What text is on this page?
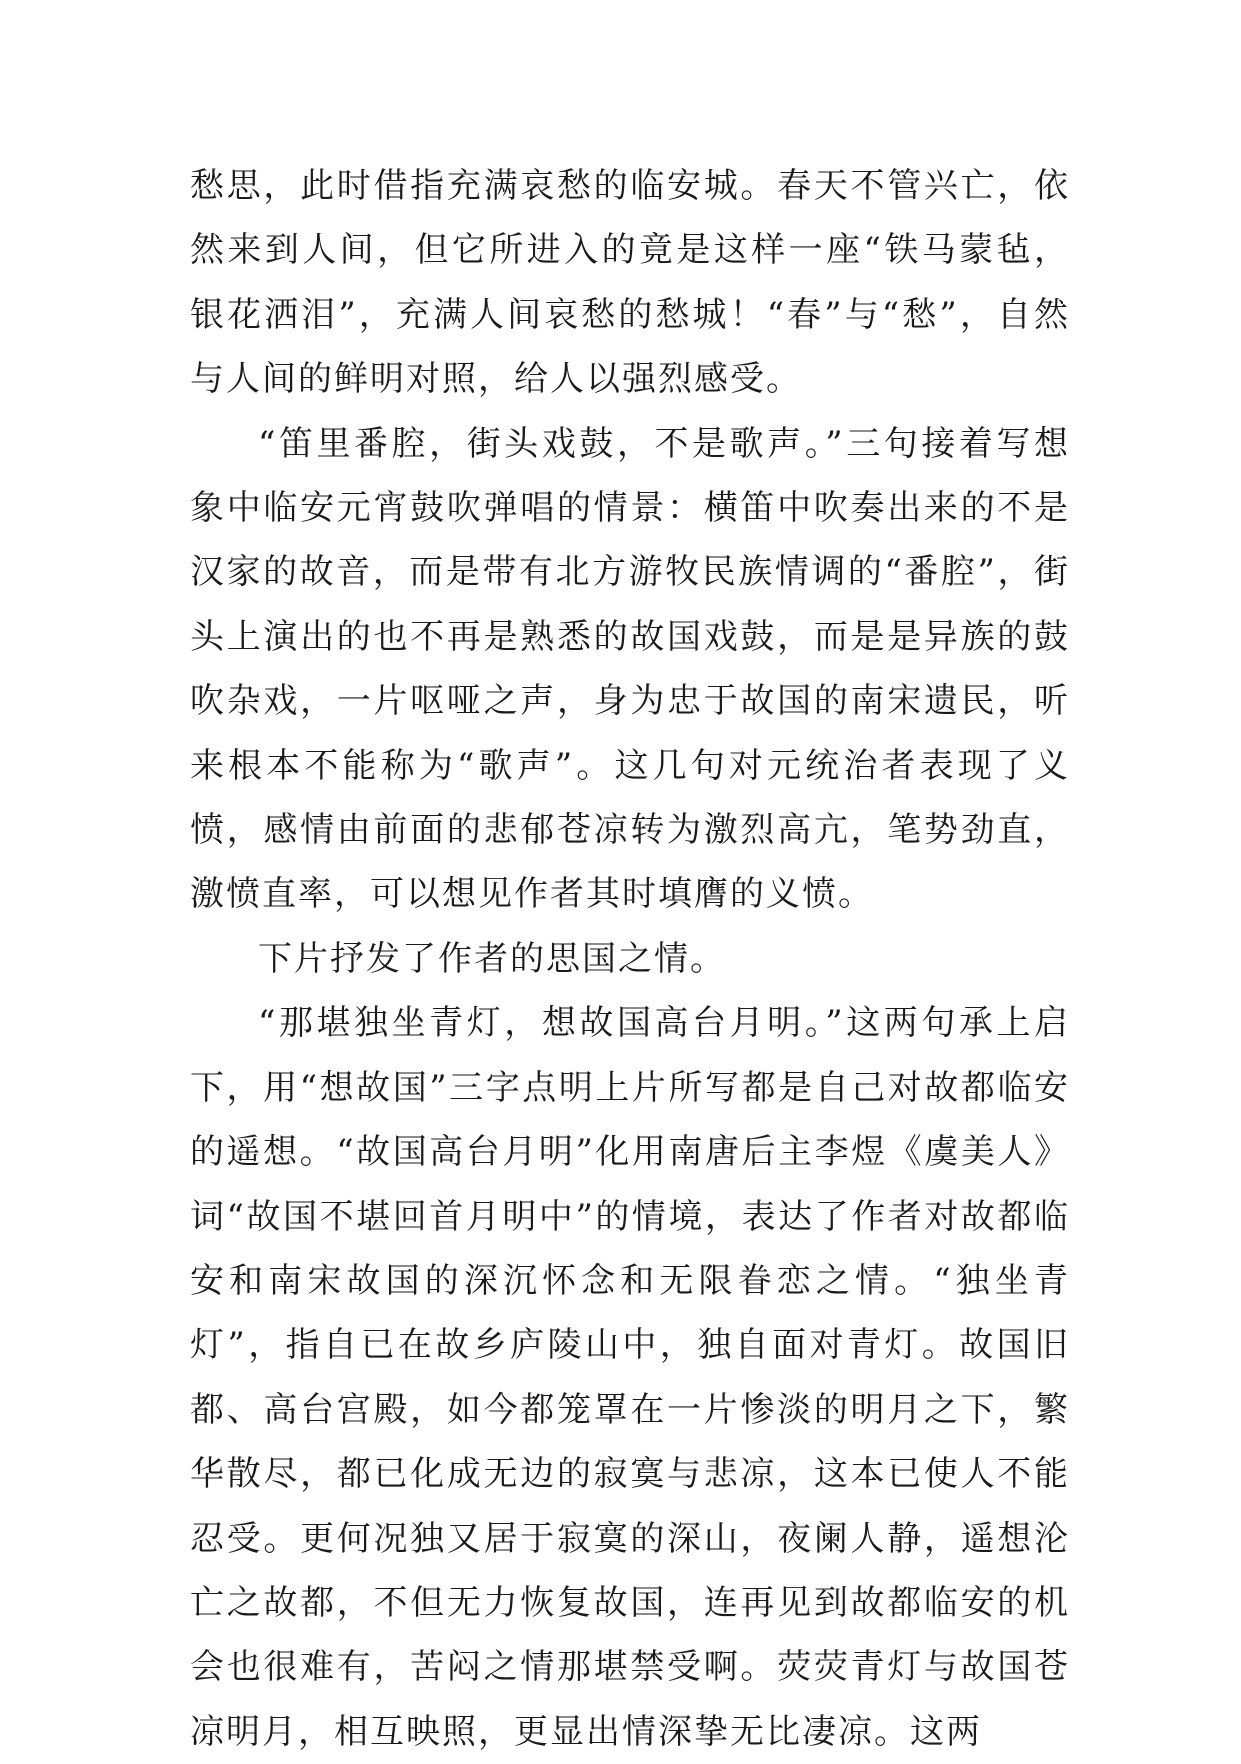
愁思，此时借指充满哀愁的临安城。春天不管兴亡，依然来到人间，但它所进入的竟是这样一座“铁马蒙毡，银花洒泪”，充满人间哀愁的愁城！“春”与“愁”，自然与人间的鲜明对照，给人以强烈感受。

“笛里番腔，街头戏鼓，不是歌声。”三句接着写想象中临安元宵鼓吹弹唱的情景：横笛中吹奏出来的不是汉家的故音，而是带有北方游牧民族情调的“番腔”，街头上演出的也不再是熟悉的故国戏鼓，而是是异族的鼓吹杂戏，一片呕哑之声，身为忠于故国的南宋遗民，听来根本不能称为“歌声”。这几句对元统治者表现了义愤，感情由前面的悲郁苍凉转为激烈高亢，笔势劲直，激愤直率，可以想见作者其时填膺的义愤。

下片抒发了作者的思国之情。

“那堪独坐青灯，想故国高台月明。”这两句承上启下，用“想故国”三字点明上片所写都是自己对故都临安的遥想。“故国高台月明”化用南唐后主李煜《虞美人》词“故国不堪回首月明中”的情境，表达了作者对故都临安和南宋故国的深沉怀念和无限眷恋之情。“独坐青灯”，指自已在故乡庐陵山中，独自面对青灯。故国旧都、高台宫殿，如今都笼罩在一片惨淡的明月之下，繁华散尽，都已化成无边的寂寞与悲凉，这本已使人不能忍受。更何况独又居于寂寞的深山，夜阑人静，遥想沦亡之故都，不但无力恢复故国，连再见到故都临安的机会也很难有，苦闷之情那堪禁受啊。荧荧青灯与故国苍凉明月，相互映照，更显出情深挚无比凄凉。这两
